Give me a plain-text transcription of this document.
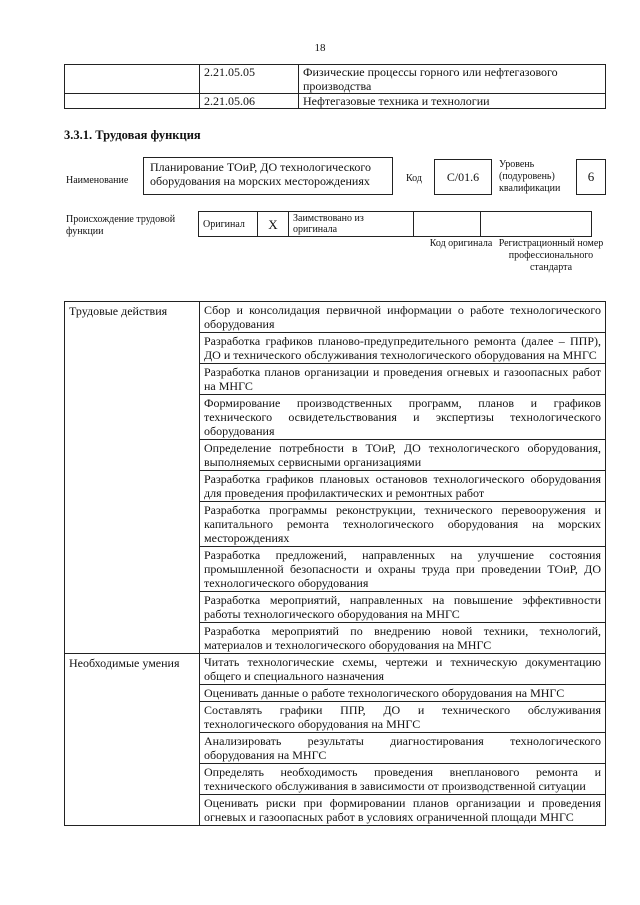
18
	2.21.05.05	Физические процессы горного или нефтегазового производства
	2.21.05.06	Нефтегазовые техника и технологии
3.3.1. Трудовая функция
Наименование
Планирование ТОиР, ДО технологического оборудования на морских месторождениях	Код	C/01.6
Уровень (подуровень) квалификации
6
Происхождение трудовой функции
Оригинал	X	Заимствовано из оригинала		
Код оригинала Регистрационный номер профессионального стандарта
Трудовые действия	Сбор и консолидация первичной информации о работе технологического оборудования
	Разработка графиков планово-предупредительного ремонта (далее – ППР), ДО и технического обслуживания технологического оборудования на МНГС
	Разработка планов организации и проведения огневых и газоопасных работ на МНГС
	Формирование производственных программ, планов и графиков технического освидетельствования и экспертизы технологического оборудования
	Определение потребности в ТОиР, ДО технологического оборудования, выполняемых сервисными организациями
	Разработка графиков плановых остановов технологического оборудования для проведения профилактических и ремонтных работ
	Разработка программы реконструкции, технического перевооружения и капитального ремонта технологического оборудования на морских месторождениях
	Разработка предложений, направленных на улучшение состояния промышленной безопасности и охраны труда при проведении ТОиР, ДО технологического оборудования
	Разработка мероприятий, направленных на повышение эффективности работы технологического оборудования на МНГС
	Разработка мероприятий по внедрению новой техники, технологий, материалов и технологического оборудования на МНГС
Необходимые умения	Читать технологические схемы, чертежи и техническую документацию общего и специального назначения
	Оценивать данные о работе технологического оборудования на МНГС
	Составлять графики ППР, ДО и технического обслуживания технологического оборудования на МНГС
	Анализировать результаты диагностирования технологического оборудования на МНГС
	Определять необходимость проведения внепланового ремонта и технического обслуживания в зависимости от производственной ситуации
	Оценивать риски при формировании планов организации и проведения огневых и газоопасных работ в условиях ограниченной площади МНГС
